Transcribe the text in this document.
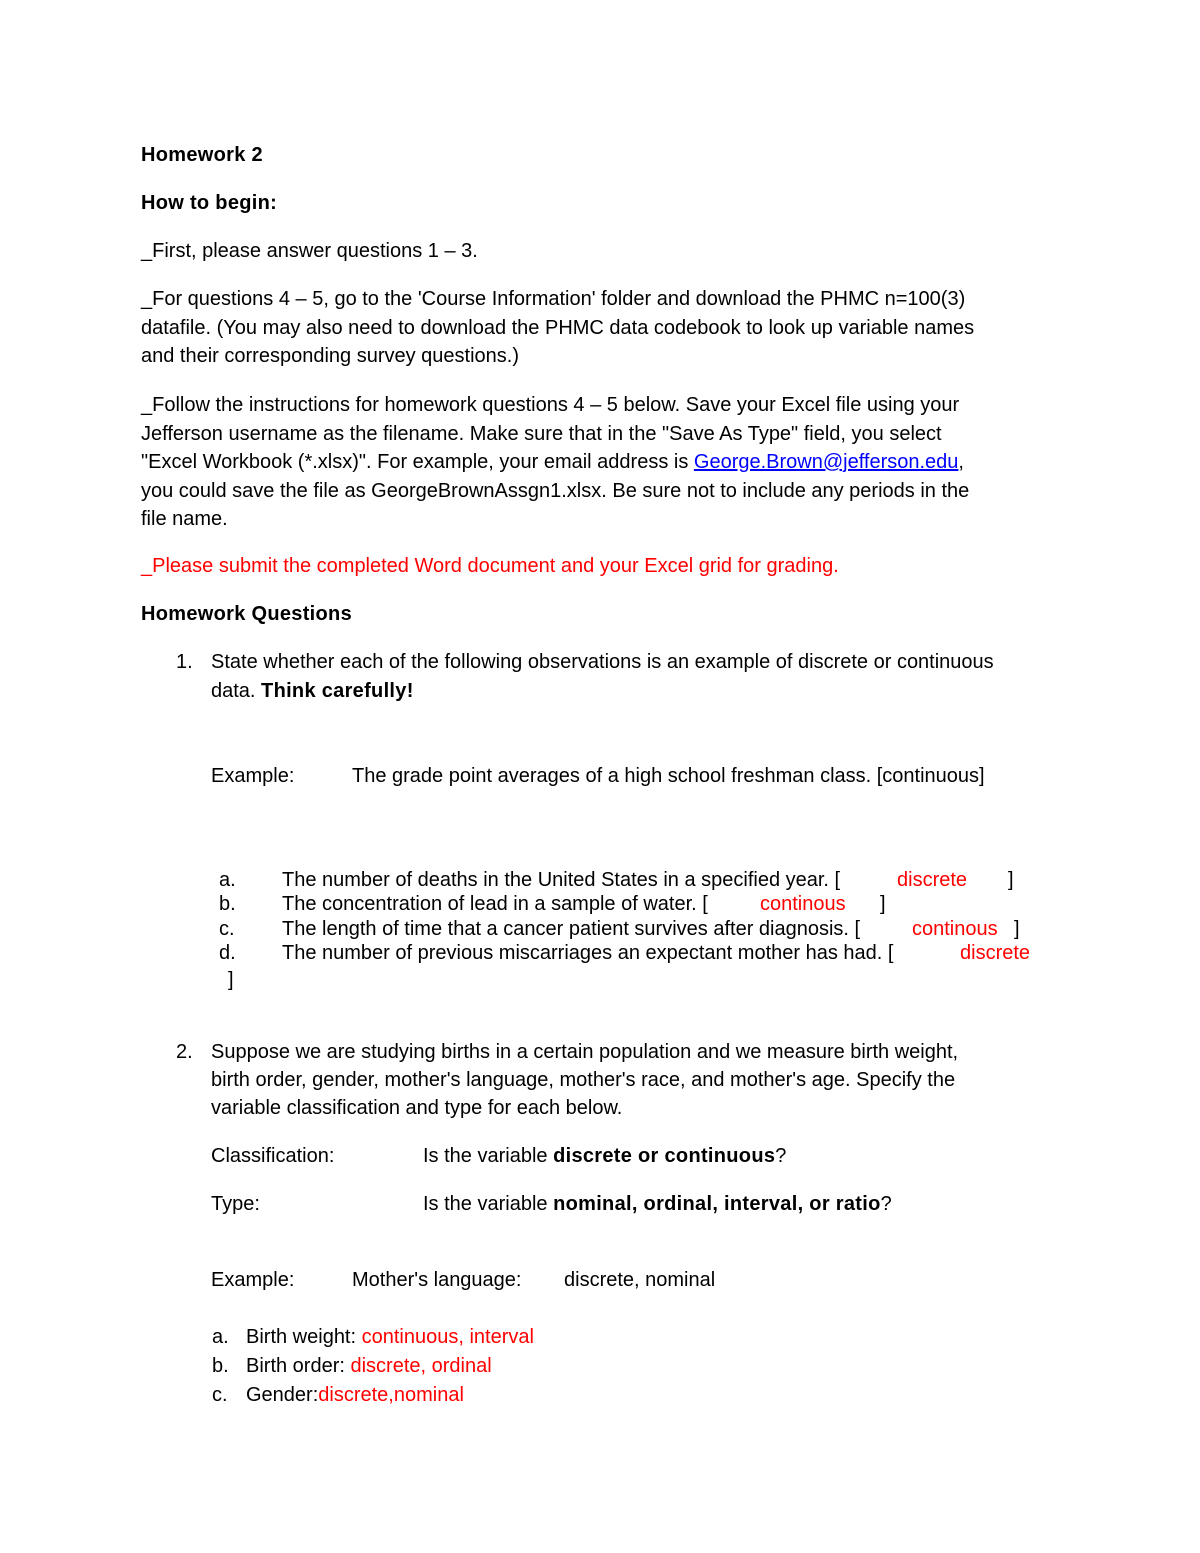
Homework 2
How to begin:
_First, please answer questions 1 – 3.

_For questions 4 – 5, go to the 'Course Information' folder and download the PHMC n=100(3)

datafile. (You may also need to download the PHMC data codebook to look up variable names

and their corresponding survey questions.)

_Follow the instructions for homework questions 4 – 5 below. Save your Excel file using your

Jefferson username as the filename. Make sure that in the "Save As Type" field, you select

"Excel Workbook (*.xlsx)". For example, your email address is George.Brown@jefferson.edu,

you could save the file as GeorgeBrownAssgn1.xlsx. Be sure not to include any periods in the

file name.

_Please submit the completed Word document and your Excel grid for grading.
Homework Questions
1. State whether each of the following observations is an example of discrete or continuous
data. Think carefully!
Example:	The grade point averages of a high school freshman class. [continuous]
a. The number of deaths in the United States in a specified year. [	discrete ]
b. The concentration of lead in a sample of water. [	continous ]
c. The length of time that a cancer patient survives after diagnosis. [	continous ]
d. The number of previous miscarriages an expectant mother has had. [	discrete
]
2. Suppose we are studying births in a certain population and we measure birth weight,
birth order, gender, mother's language, mother's race, and mother's age. Specify the
variable classification and type for each below.
Classification:	Is the variable discrete or continuous?
Type:	Is the variable nominal, ordinal, interval, or ratio?
Example:	Mother's language: discrete, nominal
a. Birth weight: continuous, interval
b. Birth order: discrete, ordinal
c. Gender:discrete,nominal
